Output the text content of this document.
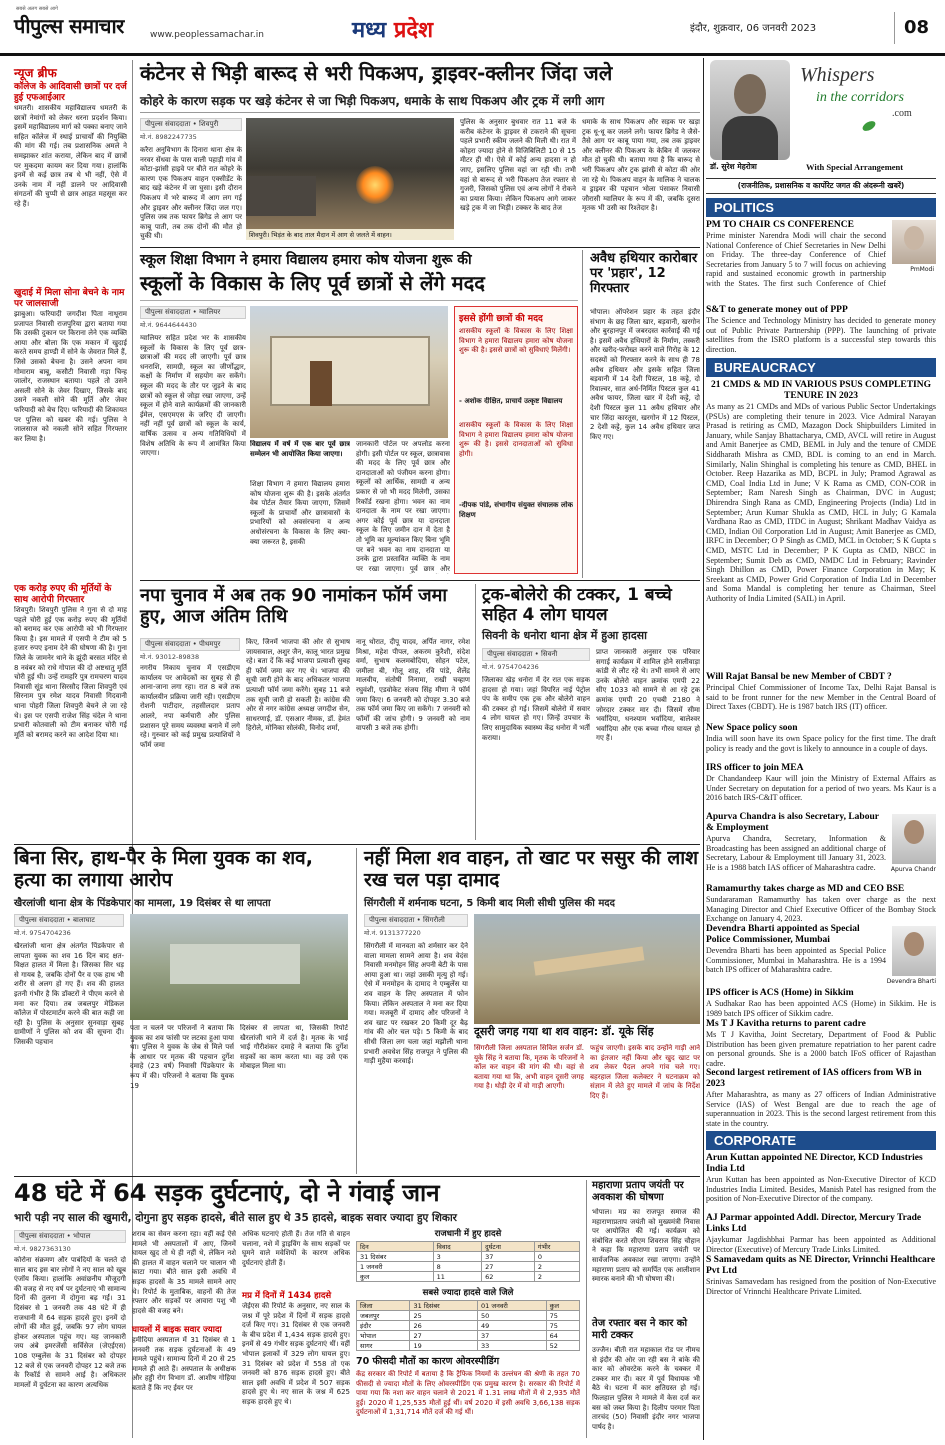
सबसे अलग सबसे आगे
पीपुल्स समाचार	www.peoplessamachar.in	मध्य प्रदेश	इंदौर, शुक्रवार, 06 जनवरी 2023	08
न्यूज ब्रीफ
कॉलेज के आदिवासी छात्रों पर दर्ज हुई एफआईआर
धमतरी। शासकीय महाविद्यालय धमतरी के छात्रों नेमांगों को लेकर धरना प्रदर्शन किया। इसमें महाविद्यालय मार्ग को पक्का बनाए जाने सहित कॉलेज में स्थाई प्राचार्यों की नियुक्ति की मांग की गई। तब प्रशासनिक अमले ने समझाकर शांत कराया, लेकिन बाद में छात्रों पर मुकदमा कायम कर दिया गया। हालांकि इनमें से कई छात्र तब थे भी नहीं, ऐसे में उनके नाम में नहीं डालने पर आदिवासी संगठनों की चुप्पी से छात्र आहत महसूस कर रहे हैं।
खुदाई में मिला सोना बेचने के नाम पर जालसाजी
झाबुआ। फरियादी जगदीश पिता नाथूराम प्रजापत निवासी राजपुरिया द्वारा बताया गया कि उसकी दुकान पर किराना लेने एक व्यक्ति आया और बोला कि एक मकान में खुदाई करते समय हाण्डी में सोने के जेवरात मिले हैं, जिसे उसको बेचना है। उसने अपना नाम गोमाराम बाबू, कसौटी निवासी गड़ा चिन्ह जालोर, राजस्थान बताया। पहले तो उसने असली सोने के जेवर दिखाए, जिसके बाद उसने नकली सोने की मूर्ति और जेवर फरियादी को बेच दिए। फरियादी की शिकायत पर पुलिस को खबर की गई। पुलिस ने जालसाज को नकली सोने सहित गिरफ्तार कर लिया है।
एक करोड़ रुपए की मूर्तियों के साथ आरोपी गिरफ्तार
शिवपुरी। शिवपुरी पुलिस ने गुना से दो माह पहले चोरी हुई एक करोड़ रुपए की मूर्तियों को बरामद कर एक आरोपी को भी गिरफ्तार किया है। इस मामले में एसपी ने टीम को 5 हजार रुपए इनाम देने की घोषणा की है। गुना जिले के जामनेर थाने के झूंदी बरसत मंदिर से 8 नवंबर को राधे गोपाल की दो अष्टधातु मूर्ति चोरी हुई थी। उन्हें रामहरि पुत्र रामचरण यादव निवासी सूंड थाना सिरसौद जिला शिवपुरी एवं सिरनाम पुत्र रमेश यादव निवासी गिदवानी थाना पोहरी जिला शिवपुरी बेचने ले जा रहे थे। इस पर एसपी राजेश सिंह चंदेल ने थाना प्रभारी कोतवाली को टीम बनाकर चोरी गई मूर्ति को बरामद करने का आदेश दिया था।
कंटेनर से भिड़ी बारूद से भरी पिकअप, ड्राइवर-क्लीनर जिंदा जले
कोहरे के कारण सड़क पर खड़े कंटेनर से जा भिड़ी पिकअप, धमाके के साथ पिकअप और ट्रक में लगी आग
शिवपुरी। भिड़ंत के बाद ताल मैदान में आग से जलते में वाहन।
पीपुल्स संवाददाता • शिवपुरी
मो.नं. 8982247735
करैरा अनुविभाग के दिनारा थाना क्षेत्र के नरवर सेंधवा के पास वाली पहाड़ी गांव में कोटा-झांसी हाइवे पर बीते रात कोहरे के कारण एक पिकअप वाहन एक्सीडेंट के बाद खड़े कंटेनर में जा घुसा। इसी दौरान पिकअप में भरे बारूद में आग लग गई और ड्राइवर और क्लीनर जिंदा जल गए। पुलिस जब तक फायर ब्रिगेड ले आग पर काबू पाती, तब तक दोनों की मौत हो चुकी थी।
पुलिस के अनुसार बुधवार रात 11 बजे के करीब कंटेनर के ड्राइवर से टकराने की सूचना पहले प्रभारी स्कीम जलने की मिली थी। रात में कोहरा ज्यादा होने से विजिबिलिटी 10 से 15 मीटर ही थी। ऐसे में कोई अन्य हादसा न हो जाए, इसलिए पुलिस वहां जा रही थी। तभी वहां से बारूद से भरी पिकअप तेज रफ्तार से गुजरी, जिसको पुलिस एवं अन्य लोगों ने रोकने का प्रयास किया। लेकिन पिकअप आगे जाकर खड़े ट्रक में जा भिड़ी। टक्कर के बाद तेज
धमाके के साथ पिकअप और सड़क पर खड़ा ट्रक धू-धू कर जलने लगे। फायर ब्रिगेड ने जैसे-तैसे आग पर काबू पाया गया, तब तक ड्राइवर और क्लीनर की पिकअप के केबिन में जलकर मौत हो चुकी थी। बताया गया है कि बारूद से भरी पिकअप और ट्रक झांसी से कोटा की ओर जा रहे थे। पिकअप वाहन के मालिक ने चालक व ड्राइवर की पहचान भोला पंसाकर निवासी जौरासी ग्वालियर के रूप में की, जबकि दूसरा मृतक भी उसी का रिश्तेदार है।
स्कूल शिक्षा विभाग ने हमारा विद्यालय हमारा कोष योजना शुरू की
स्कूलों के विकास के लिए पूर्व छात्रों से लेंगे मदद
पीपुल्स संवाददाता • ग्वालियर
मो.नं. 9644644430
ग्वालियर सहित प्रदेश भर के शासकीय स्कूलों के विकास के लिए पूर्व छात्र-छात्राओं की मदद ली जाएगी। पूर्व छात्र धनराशि, सामग्री, स्कूल का जीर्णोद्धार, कक्षों के निर्माण में सहयोग कर सकेंगे। स्कूल की मदद के तौर पर जुड़ने के बाद छात्रों को स्कूल से जोड़ा रखा जाएगा, उन्हें स्कूल में होने वाले कार्यक्रमों की जानकारी ईमेल, एसएमएस के जरिए दी जाएगी। नहीं नहीं पूर्व छात्रों को स्कूल के कार्य, वार्षिक उत्सव व अन्य गतिविधियों में विशेष अतिथि के रूप में आमंत्रित किया जाएगा।
विद्यालय में वर्ष में एक बार पूर्व छात्र सम्मेलन भी आयोजित किया जाएगा।
शिक्षा विभाग ने हमारा विद्यालय हमारा कोष योजना शुरू की है। इसके अंतर्गत वेब पोर्टल तैयार किया जाएगा, जिसमें स्कूलों के प्राचार्यों और छात्रावासों के प्रभारियों को अवसंरचना व अन्य अधोसंरचना के विकास के लिए क्या-क्या जरूरत है, इसकी
जानकारी पोर्टल पर अपलोड करना होगी। इसी पोर्टल पर स्कूल, छात्रावास की मदद के लिए पूर्व छात्र और दानदाताओं को पंजीयन करना होगा। स्कूलों को आर्थिक, सामग्री व अन्य प्रकार से जो भी मदद मिलेगी, उसका रिकॉर्ड रखना होगा। भवन का नाम दानदाता के नाम पर रखा जाएगा। अगर कोई पूर्व छात्र या दानदाता स्कूल के लिए जमीन दान में देता है तो भूमि का मूल्यांकन किए बिना भूमि पर बने भवन का नाम दानदाता या उनके द्वारा प्रस्तावित व्यक्ति के नाम पर रखा जाएगा। पूर्व छात्र और
इससे होंगी छात्रों की मदद
शासकीय स्कूलों के विकास के लिए शिक्षा विभाग ने हमारा विद्यालय हमारा कोष योजना शुरू की है। इससे छात्रों को सुविधाएं मिलेंगी।
- अशोक दीक्षित, प्राचार्य उत्कृष्ट विद्यालय
शासकीय स्कूलों के विकास के लिए शिक्षा विभाग ने हमारा विद्यालय हमारा कोष योजना शुरू की है। इससे दानदाताओं को सुविधा होगी।
-दीपक पांडे, संभागीय संयुक्त संचालक लोक शिक्षण
अवैध हथियार कारोबार पर 'प्रहार', 12 गिरफ्तार
भोपाल। ऑपरेशन प्रहार के तहत इंदौर संभाग के छह जिला खार, बड़वानी, खरगोन और बुरहानपुर में जबरदस्त कार्रवाई की गई है। इसमें अवैध हथियारों के निर्माण, तस्करी और खरीद-फरोख्त करने वाले गिरोह के 12 सदस्यों को गिरफ्तार करने के साथ ही 78 अवैध हथियार और इसके सहित जिला बड़वानी में 14 देशी पिस्टल, 18 कट्टे, दो रिवाल्वर, सात अर्ध-निर्मित पिस्टल कुल 41 अवैध फायर, जिला खार में देशी कट्टे, दो देशी पिस्टल कुल 11 अवैध हथियार और चार जिंदा कारतूस, खरगोन में 12 पिस्टल, 2 देशी कट्टे, कुल 14 अवैध हथियार जप्त किए गए।
नपा चुनाव में अब तक 90 नामांकन फॉर्म जमा हुए, आज अंतिम तिथि
पीपुल्स संवाददाता • पीथमपुर
मो.नं. 93012-89838
नगरीय निकाय चुनाव में एसडीएम कार्यालय पर आवेदकों का सुबह से ही आना-जाना लगा रहा। रात 8 बजे तक कार्यालयीन प्रक्रिया जारी रही। एसडीएम रोशनी पाटीदार, तहसीलदार प्रताप आलरे, नपा कर्मचारी और पुलिस प्रशासन पूरे समय व्यवस्था बनाने में लगे रहे। गुरुवार को कई प्रमुख प्रत्याशियों ने फॉर्म जमा
किए, जिनमें भाजपा की ओर से सुभाष जायसवाल, अशुर जैन, कालू भारत प्रमुख रहे। बता दें कि कई भाजपा प्रत्याशी सुबह ही फॉर्म जमा कर गए थे। भाजपा की सूची जारी होने के बाद अधिकतर भाजपा प्रत्याशी फॉर्म जमा करेंगे। सुबह 11 बजे तक सूची जारी हो सकती है। कांग्रेस की ओर से नगर कांग्रेस अध्यक्ष जगदीश सेन, साधरणाई, डॉ. एसआर नीमक, डॉ. हेमंत हिरोले, मोनिका सोलंकी, विनोद शर्मा,
नानू थोरात, दीपू यादव, अर्पित नागर, रमेश मिश्रा, महेश पीपल, अकरम कुरैशी, संदेश वर्मा, सुभाष कलमबोदिया, सोहन पटेल, जमीला बी, गोलू शाह, रवि पांडे, शैलेंद्र मालवीय, संतोषी निनामा, राखी चव्हाण रघुवंशी, एडवोकेट संजय सिंह मीणा ने फॉर्म जमा किए। 6 जनवरी को दोपहर 3.30 बजे तक फॉर्म जमा किए जा सकेंगे। 7 जनवरी को फॉर्मों की जांच होगी। 9 जनवरी को नाम वापसी 3 बजे तक होगी।
ट्रक-बोलेरो की टक्कर, 1 बच्चे सहित 4 लोग घायल
सिवनी के धनोरा थाना क्षेत्र में हुआ हादसा
पीपुल्स संवाददाता • सिवनी
मो.नं. 9754704236
जिलाका खेड़ धनोरा में देर रात एक सड़क हादसा हो गया। जहां विपरित नाई पेट्रोल पंप के समीप एक ट्रक और बोलेरो वाहन की टक्कर हो गई। जिसमें बोलेरो में सवार 4 लोग घायल हो गए। जिन्हें उपचार के लिए सामुदायिक स्वास्थ्य केंद्र धनोरा में भर्ती कराया।
प्राप्त जानकारी अनुसार एक परिवार सगाई कार्यक्रम में शामिल होने सालीवाड़ा कांडी से लौट रहे थे। तभी सामने से आए उनके बोलेरो वाहन क्रमांक एमपी 22 सीए 1033 को सामने से आ रहे ट्रक क्रमांक एमपी 20 एचबी 2180 ने जोरदार टक्कर मार दी। जिसमें सीमा भर्वादिया, धनश्याम भर्वादिया, बालेश्वर भर्वादिया और एक बच्चा गौरव घायल हो गए हैं।
बिना सिर, हाथ-पैर के मिला युवक का शव, हत्या का लगाया आरोप
खैरलांजी थाना क्षेत्र के पिंडकेपार का मामला, 19 दिसंबर से था लापता
पीपुल्स संवाददाता • बालाघाट
मो.नं. 9754704236
खैरलांजी थाना क्षेत्र अंतर्गत पिंडकेपार से लापता युवक का शव 16 दिन बाद क्षत-विक्षत हालत में मिला है। जिसका सिर धड़ से गायब है, जबकि दोनों पैर व एक हाथ भी शरीर से अलग हो गए हैं। शव की हालत इतनी गंभीर है कि डॉक्टरों ने पीएम करने से मना कर दिया। तब जबलपुर मेडिकल कॉलेज में पोस्टमार्टम करने की बात कही जा रही है। पुलिस के अनुसार सुनवाड़ा सुबह ग्रामीणों ने पुलिस को शव की सूचना दी। जिसकी पहचान
पता न चलने पर परिजनों ने बताया कि युवक का शव फांसी पर लटका हुआ पाया था। पुलिस ने युवक के जेब से मिले पर्स के आधार पर मृतक की पहचान दुर्गेश दमाहे (23 वर्ष) निवासी पिंडकेपार के रूप में की। परिजनों ने बताया कि युवक 19
दिसंबर से लापता था, जिसकी रिपोर्ट खैरलांजी थाने में दर्ज है। मृतक के भाई भाई गौरीशंकर दमाहे ने बताया कि दुर्गेश सड़कों का काम करता था। वह उसे एक मोबाइल मिला था।
नहीं मिला शव वाहन, तो खाट पर ससुर की लाश रख चल पड़ा दामाद
सिंगरौली में शर्मनाक घटना, 5 किमी बाद मिली सीधी पुलिस की मदद
पीपुल्स संवाददाता • सिंगरौली
मो.नं. 9131377220
सिंगरौली में मानवता को शर्मसार कर देने वाला मामला सामने आया है। शव वेदंस निवासी मनमोहन सिंह अपनी बेटी के पास आया हुआ था। जहां उसकी मृत्यु हो गई। ऐसे में मनमोहन के दामाद ने एम्बुलेंस या शव वाहन के लिए अस्पताल में फोन किया। लेकिन अस्पताल ने मना कर दिया गया। मजबूरी में दामाद और परिजनों ने शव खाट पर रखकर 20 किमी दूर बैढ़ गांव की ओर चल पड़े। 5 किमी के बाद सीधी जिला लग चला जहां मझौली थाना प्रभारी अवधेश सिंह राजपूत ने पुलिस की गाड़ी मुहैया करवाई।
दूसरी जगह गया था शव वाहन: डॉ. यूके सिंह
सिंगरौली जिला अस्पताल सिविल सर्जन डॉ. यूके सिंह ने बताया कि, मृतक के परिजनों ने कॉल कर वाहन की मांग की थी। वहां से बताया गया था कि, अभी वाहन दूसरी जगह गया है। थोड़ी देर में वो गाड़ी आएगी।
फहुंच जाएगी। इसके बाद उन्होंने गाड़ी आने का इंतजार नहीं किया और खुद खाट पर शव लेकर पैदल अपने गांव चले गए। बहरहाल जिला कलेक्टर ने घटनाक्रम को संज्ञान में लेते हुए मामले में जांच के निर्देश दिए हैं।
48 घंटे में 64 सड़क दुर्घटनाएं, दो ने गंवाई जान
भारी पड़ी नए साल की खुमारी, दोगुना हुए सड़क हादसे, बीते साल हुए थे 35 हादसे, बाइक सवार ज्यादा हुए शिकार
पीपुल्स संवाददाता • भोपाल
मो.नं. 9827363130
कोरोना संक्रमण और पाबंदियों के चलते दो साल बाद इस बार लोगों ने नए साल को खूब एंजॉय किया। हालांकि अवांछनीय मौजूदगी की वजह से नए वर्ष पर दुर्घटनाएं भी सामान्य दिनों की तुलना में दोगुना बढ़ गईं। 31 दिसंबर से 1 जनवरी तक 48 घंटे में ही राजधानी में 64 सड़क हादसे हुए। इनमें दो लोगों की मौत हुई, जबकि 97 लोग घायल होकर अस्पताल पहुंच गए। यह जानकारी जय अंबे इमरजेंसी सर्विसेज (जेएईएस) 108 एम्बुलेंस के 31 दिसंबर को दोपहर 12 बजे से एक जनवरी दोपहर 12 बजे तक के रिकॉर्ड से सामने आई है। अधिकतर मामलों में दुर्घटना का कारण अत्यधिक
शराब का सेवन करना रहा। वहीं कई ऐसे मामले भी अस्पतालों में आए, जिनमें घायल खुद तो थे ही नहीं थे, लेकिन नशे की हालत में वाहन चलाने पर चालान भी काटा गया। बीते साल इसी अवधि में सड़क हादसों के 35 मामले सामने आए थे। रिपोर्ट के मुताबिक, वाहनों की तेज रफ्तार और सड़कों पर आवारा पशु भी हादसे की वजह बने।
घायलों में बाइक सवार ज्यादा
हमीदिया अस्पताल में 31 दिसंबर से 1 जनवरी तक सड़क दुर्घटनाओं के 49 मामले पहुंचे। सामान्य दिनों में 20 से 25 मामले ही आते हैं। अस्पताल के अधीक्षक और हड्डी रोग विभाग डॉ. आशीष गोहिया बताते हैं कि नए ईयर पर
अधिक घटनाएं होती हैं। तेज गति से वाहन चलाना, नशे में ड्राइविंग के साथ सड़कों पर घूमने वाले मवेशियों के कारण अधिक दुर्घटनाएं होती हैं।
मप्र में दिनों में 1434 हादसे
जेईएस की रिपोर्ट के अनुसार, नए साल के जश्न में पूरे प्रदेश में दिनों में सड़क हादसे दर्ज किए गए। 31 दिसंबर से एक जनवरी के बीच प्रदेश में 1,434 सड़क हादसे हुए। इनमें से 49 गंभीर सड़क दुर्घटनाएं थीं। वहीं भोपाल इलाकों में 329 लोग घायल हुए। 31 दिसंबर को प्रदेश में 558 तो एक जनवरी को 876 सड़क हादसे हुए। बीते साल इसी अवधि में प्रदेश में 507 सड़क हादसे हुए थे। नए साल के जश्न में 625 सड़क हादसे हुए थे।
राजधानी में हुए हादसे
दिन	विवाद	दुर्घटना	गंभीर
31 दिसंबर	3	37	0
1 जनवरी	8	27	2
कुल	11	62	2
सबसे ज्यादा हादसे वाले जिले
जिला	31 दिसंबर	01 जनवरी	कुल
जबलपुर	25	50	75
इंदौर	26	49	75
भोपाल	27	37	64
सागर	19	33	52
70 फीसदी मौतों का कारण ओवरस्पीडिंग
केंद्र सरकार की रिपोर्ट में बताया है कि ट्रैफिक नियमों के उल्लंघन की श्रेणी के तहत 70 फीसदी से ज्यादा मौतों के लिए ओवरस्पीडिंग एक प्रमुख कारण है। सरकार की रिपोर्ट में पाया गया कि नशा कर वाहन चलाने से 2021 में 1.31 लाख मौतों में से 2,935 मौतें हुईं। 2020 में 1,25,535 मौतों हुई थीं। वर्ष 2020 में इसी अवधि 3,66,138 सड़क दुर्घटनाओं में 1,31,714 मौतें दर्ज की गई थीं।
महाराणा प्रताप जयंती पर अवकाश की घोषणा
भोपाल। मप्र का राजपूत समाज की महाराणाप्रताप जयंती को मुख्यमंत्री निवास पर आयोजित की गई। कार्यक्रम को संबोधित करते सीएम शिवराज सिंह चौहान ने कहा कि महाराणा प्रताप जयंती पर सार्वजनिक अवकाश रखा जाएगा। उन्होंने महाराणा प्रताप को समर्पित एक आलीशान स्मारक बनाने की भी घोषणा की।
तेज रफ्तार बस ने कार को मारी टक्कर
उज्जैन। बीती रात महाकाल रोड पर नीमच से इंदौर की ओर जा रही बस ने बांके की कार को ओवरटेक करने के चक्कर में टक्कर मार दी। कार में पूर्व विधायक भी बैठे थे। घटना में कार क्षतिग्रस्त हो गई। फिलहाल पुलिस ने मामले में केस दर्ज कर बस को जब्त किया है। दिलीप परमार पिता तारचंद (50) निवासी इंदौर नगर भाजपा पार्षद है।
Whispers
in the corridors
.com
डॉ. सुरेश मेहरोत्रा	With Special Arrangement
(राजनीतिक, प्रशासनिक व कार्पोरेट जगत की अंदरूनी खबरें)
POLITICS
PmModi
PM TO CHAIR CS CONFERENCE
Prime minister Narendra Modi will chair the second National Conference of Chief Secretaries in New Delhi on Friday. The three-day Conference of Chief Secretaries from January 5 to 7 will focus on achieving rapid and sustained economic growth in partnership with the States. The first such Conference of Chief
S&T to generate money out of PPP
The Science and Technology Ministry has decided to generate money out of Public Private Partnership (PPP). The launching of private satellites from the ISRO platform is a successful step towards this direction.
BUREAUCRACY
21 CMDS & MD IN VARIOUS PSUS COMPLETING TENURE IN 2023
As many as 21 CMDs and MDs of various Public Sector Undertakings (PSUs) are completing their tenure in 2023. Vice Admiral Narayan Prasad is retiring as CMD, Mazagon Dock Shipbuilders Limited in January, while Sanjay Bhattacharya, CMD, AVCL will retire in August and Amit Banerjee as CMD, BEML in July and the tenure of CMDE Siddharath Mishra as CMD, BDL is coming to an end in March. Similarly, Nalin Shinghal is completing his tenure as CMD, BHEL in October. Reep Hazarika as MD, BCPL in July; Pramod Agrawal as CMD, Coal India Ltd in June; V K Rama as CMD, CON-COR in September; Ram Naresh Singh as Chairman, DVC in August; Dhirendra Singh Rana as CMD, Engineering Projects (India) Ltd in September; Arun Kumar Shukla as CMD, HCL in July; G Kamala Vardhana Rao as CMD, ITDC in August; Shrikant Madhav Vaidya as CMD, Indian Oil Corporation Ltd in August; Amit Banerjee as CMD, IRFC in December; O P Singh as CMD, MCL in October; S K Gupta s CMD, MSTC Ltd in December; P K Gupta as CMD, NBCC in September; Sumit Deb as CMD, NMDC Ltd in February; Ravinder Singh Dhillon as CMD, Power Finance Corporation in May; K Sreekant as CMD, Power Grid Corporation of India Ltd in December and Soma Mandal is completing her tenure as Chairman, Steel Authority of India Limited (SAIL) in April.
Will Rajat Bansal be new Member of CBDT ?
Principal Chief Commissioner of Income Tax, Delhi Rajat Bansal is said to be front runner for the new Member in the Central Board of Direct Taxes (CBDT). He is 1987 batch IRS (IT) officer.
New Space policy soon
India will soon have its own Space policy for the first time. The draft policy is ready and the govt is likely to announce in a couple of days.
IRS officer to join MEA
Dr Chandandeep Kaur will join the Ministry of External Affairs as Under Secretary on deputation for a period of two years. Ms Kaur is a 2016 batch IRS-C&IT officer.
Apurva Chandr
Apurva Chandra is also Secretary, Labour & Employment
Apurva Chandra, Secretary, Information & Broadcasting has been assigned an additional charge of Secretary, Labour & Employment till January 31, 2023. He is a 1988 batch IAS officer of Maharashtra cadre.
Ramamurthy takes charge as MD and CEO BSE
Sundararaman Ramamurthy has taken over charge as the next Managing Director and Chief Executive Officer of the Bombay Stock Exchange on January 4, 2023.
Devendra Bharti
Devendra Bharti appointed as Special Police Commissioner, Mumbai
Devendra Bharti has been appointed as Special Police Commissioner, Mumbai in Maharashtra. He is a 1994 batch IPS officer of Maharashtra cadre.
IPS officer is ACS (Home) in Sikkim
A Sudhakar Rao has been appointed ACS (Home) in Sikkim. He is 1989 batch IPS officer of Sikkim cadre.
Ms T J Kavitha returns to parent cadre
Ms T J Kavitha, Joint Secretary, Department of Food & Public Distribution has been given premature repatriation to her parent cadre on personal grounds. She is a 2000 batch IFoS officer of Rajasthan cadre.
Second largest retirement of IAS officers from WB in 2023
After Maharashtra, as many as 27 officers of Indian Administrative Service (IAS) of West Bengal are due to reach the age of superannuation in 2023. This is the second largest retirement from this state in the country.
CORPORATE
Arun Kuttan appointed NE Director, KCD Industries India Ltd
Arun Kuttan has been appointed as Non-Executive Director of KCD Industries India Limited. Besides, Manish Patel has resigned from the position of Non-Executive Director of the company.
AJ Parmar appointed Addl. Director, Mercury Trade Links Ltd
Ajaykumar Jagdishbhai Parmar has been appointed as Additional Director (Executive) of Mercury Trade Links Limited.
S Samavedam quits as NE Director, Vrinnchi Healthcare Pvt Ltd
Srinivas Samavedam has resigned from the position of Non-Executive Director of Vrinnchi Healthcare Private Limited.
